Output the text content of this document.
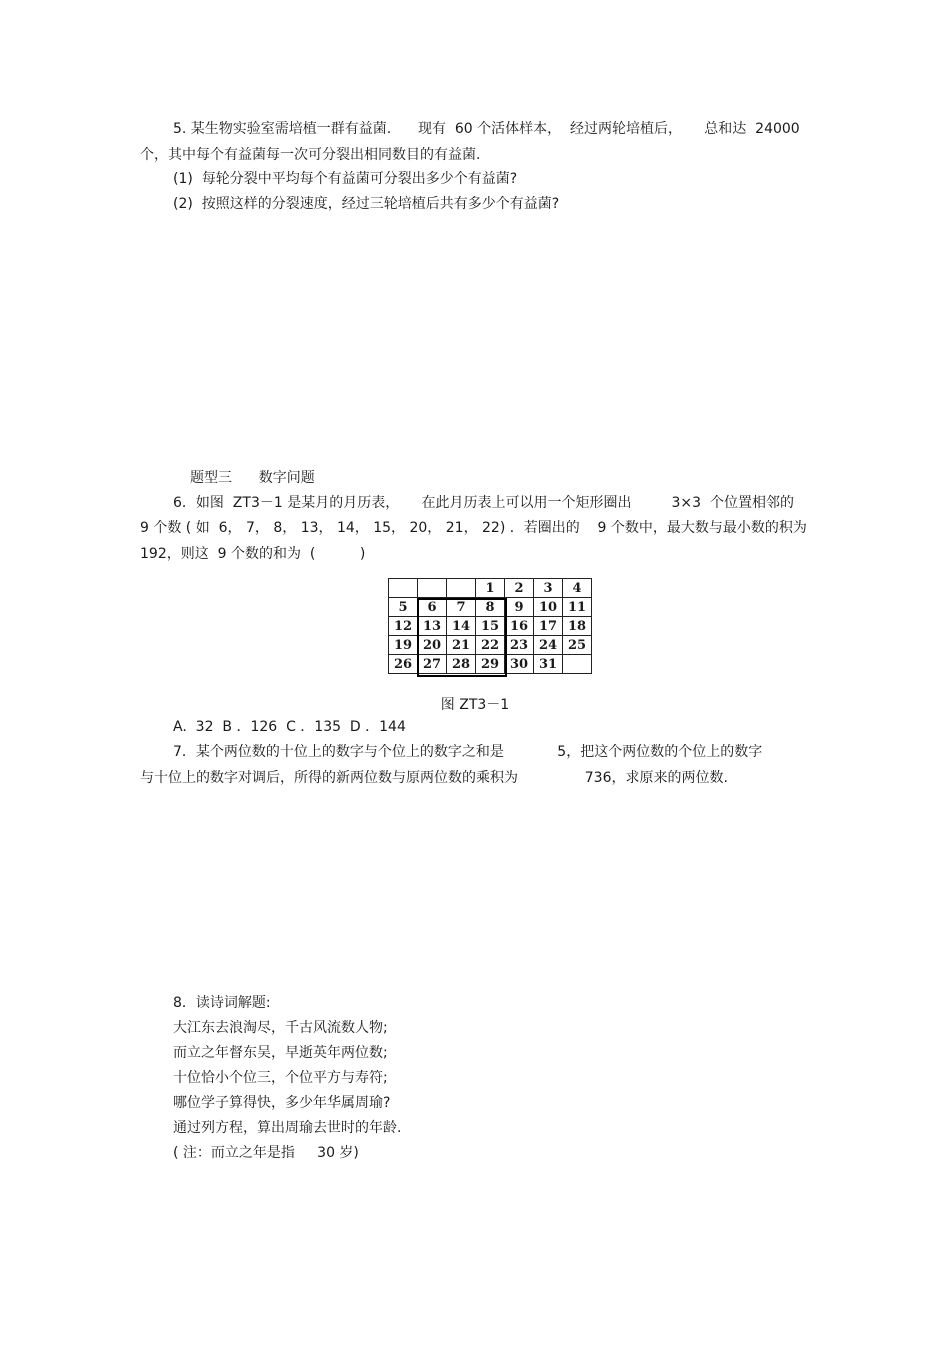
5. 某生物实验室需培植一群有益菌.      现有  60 个活体样本，  经过两轮培植后，     总和达  24000
个，其中每个有益菌每一次可分裂出相同数目的有益菌.
(1)  每轮分裂中平均每个有益菌可分裂出多少个有益菌?
(2)  按照这样的分裂速度，经过三轮培植后共有多少个有益菌?
题型三      数字问题
6．如图  ZT3－1 是某月的月历表，     在此月历表上可以用一个矩形圈出         3×3  个位置相邻的
9 个数 ( 如  6， 7， 8， 13， 14， 15， 20， 21， 22) ．若圈出的    9 个数中，最大数与最小数的积为
192，则这  9 个数的和为  (          )
			1	2	3	4
5	6	7	8	9	10	11
12	13	14	15	16	17	18
19	20	21	22	23	24	25
26	27	28	29	30	31	
图 ZT3－1
A.  32  B ．126  C ．135  D ．144
7．某个两位数的十位上的数字与个位上的数字之和是            5，把这个两位数的个位上的数字
与十位上的数字对调后，所得的新两位数与原两位数的乘积为               736，求原来的两位数.
8．读诗词解题:
大江东去浪淘尽，千古风流数人物;
而立之年督东吴，早逝英年两位数;
十位恰小个位三，个位平方与寿符;
哪位学子算得快，多少年华属周瑜?
通过列方程，算出周瑜去世时的年龄.
( 注：而立之年是指     30 岁)
